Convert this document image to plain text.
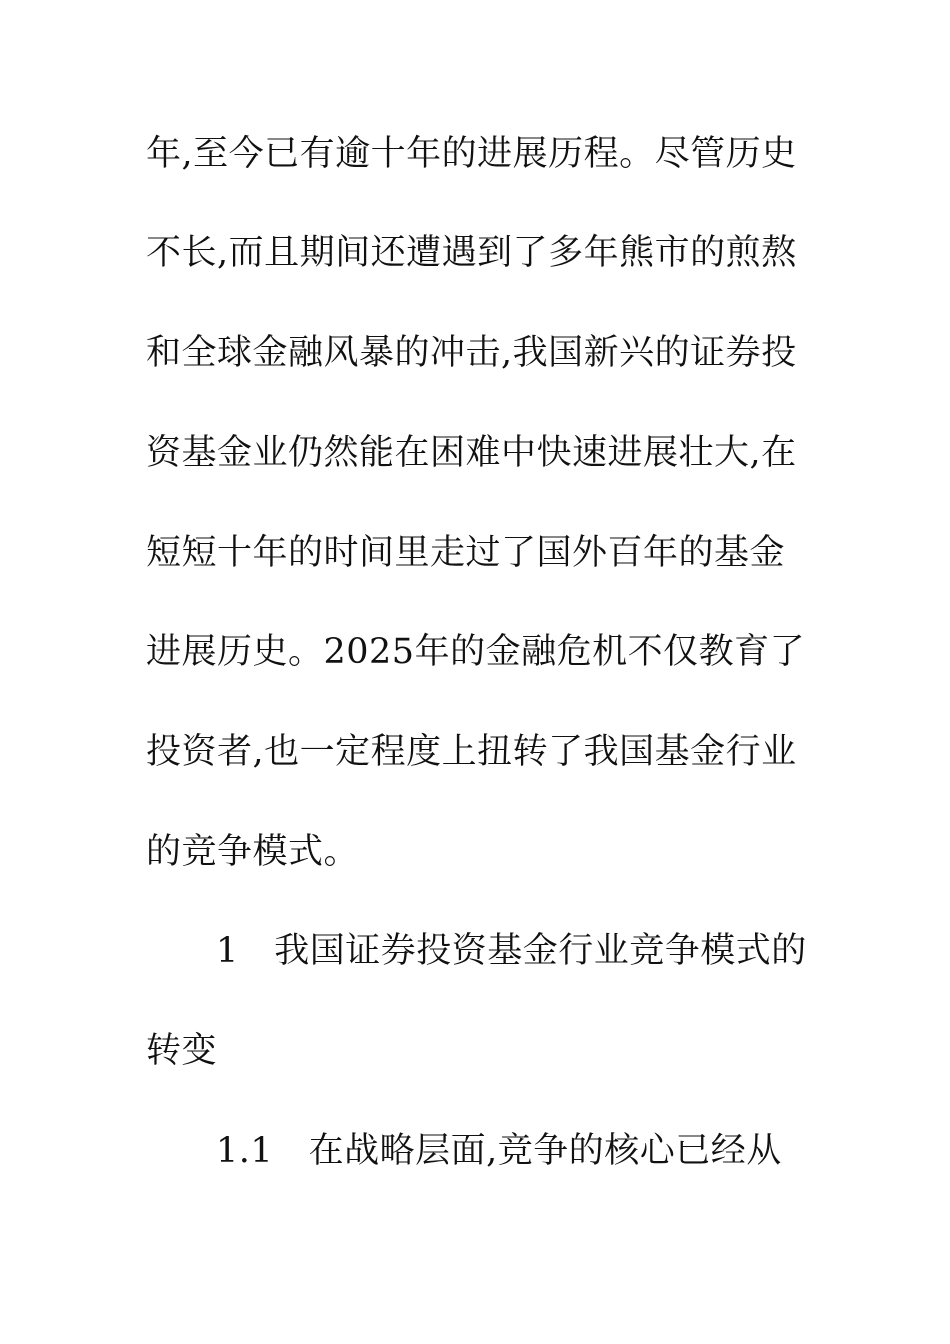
年,至今已有逾十年的进展历程。尽管历史
不长,而且期间还遭遇到了多年熊市的煎熬
和全球金融风暴的冲击,我国新兴的证券投
资基金业仍然能在困难中快速进展壮大,在
短短十年的时间里走过了国外百年的基金
进展历史。2025年的金融危机不仅教育了
投资者,也一定程度上扭转了我国基金行业
的竞争模式。
1　我国证券投资基金行业竞争模式的
转变
1.1　在战略层面,竞争的核心已经从
